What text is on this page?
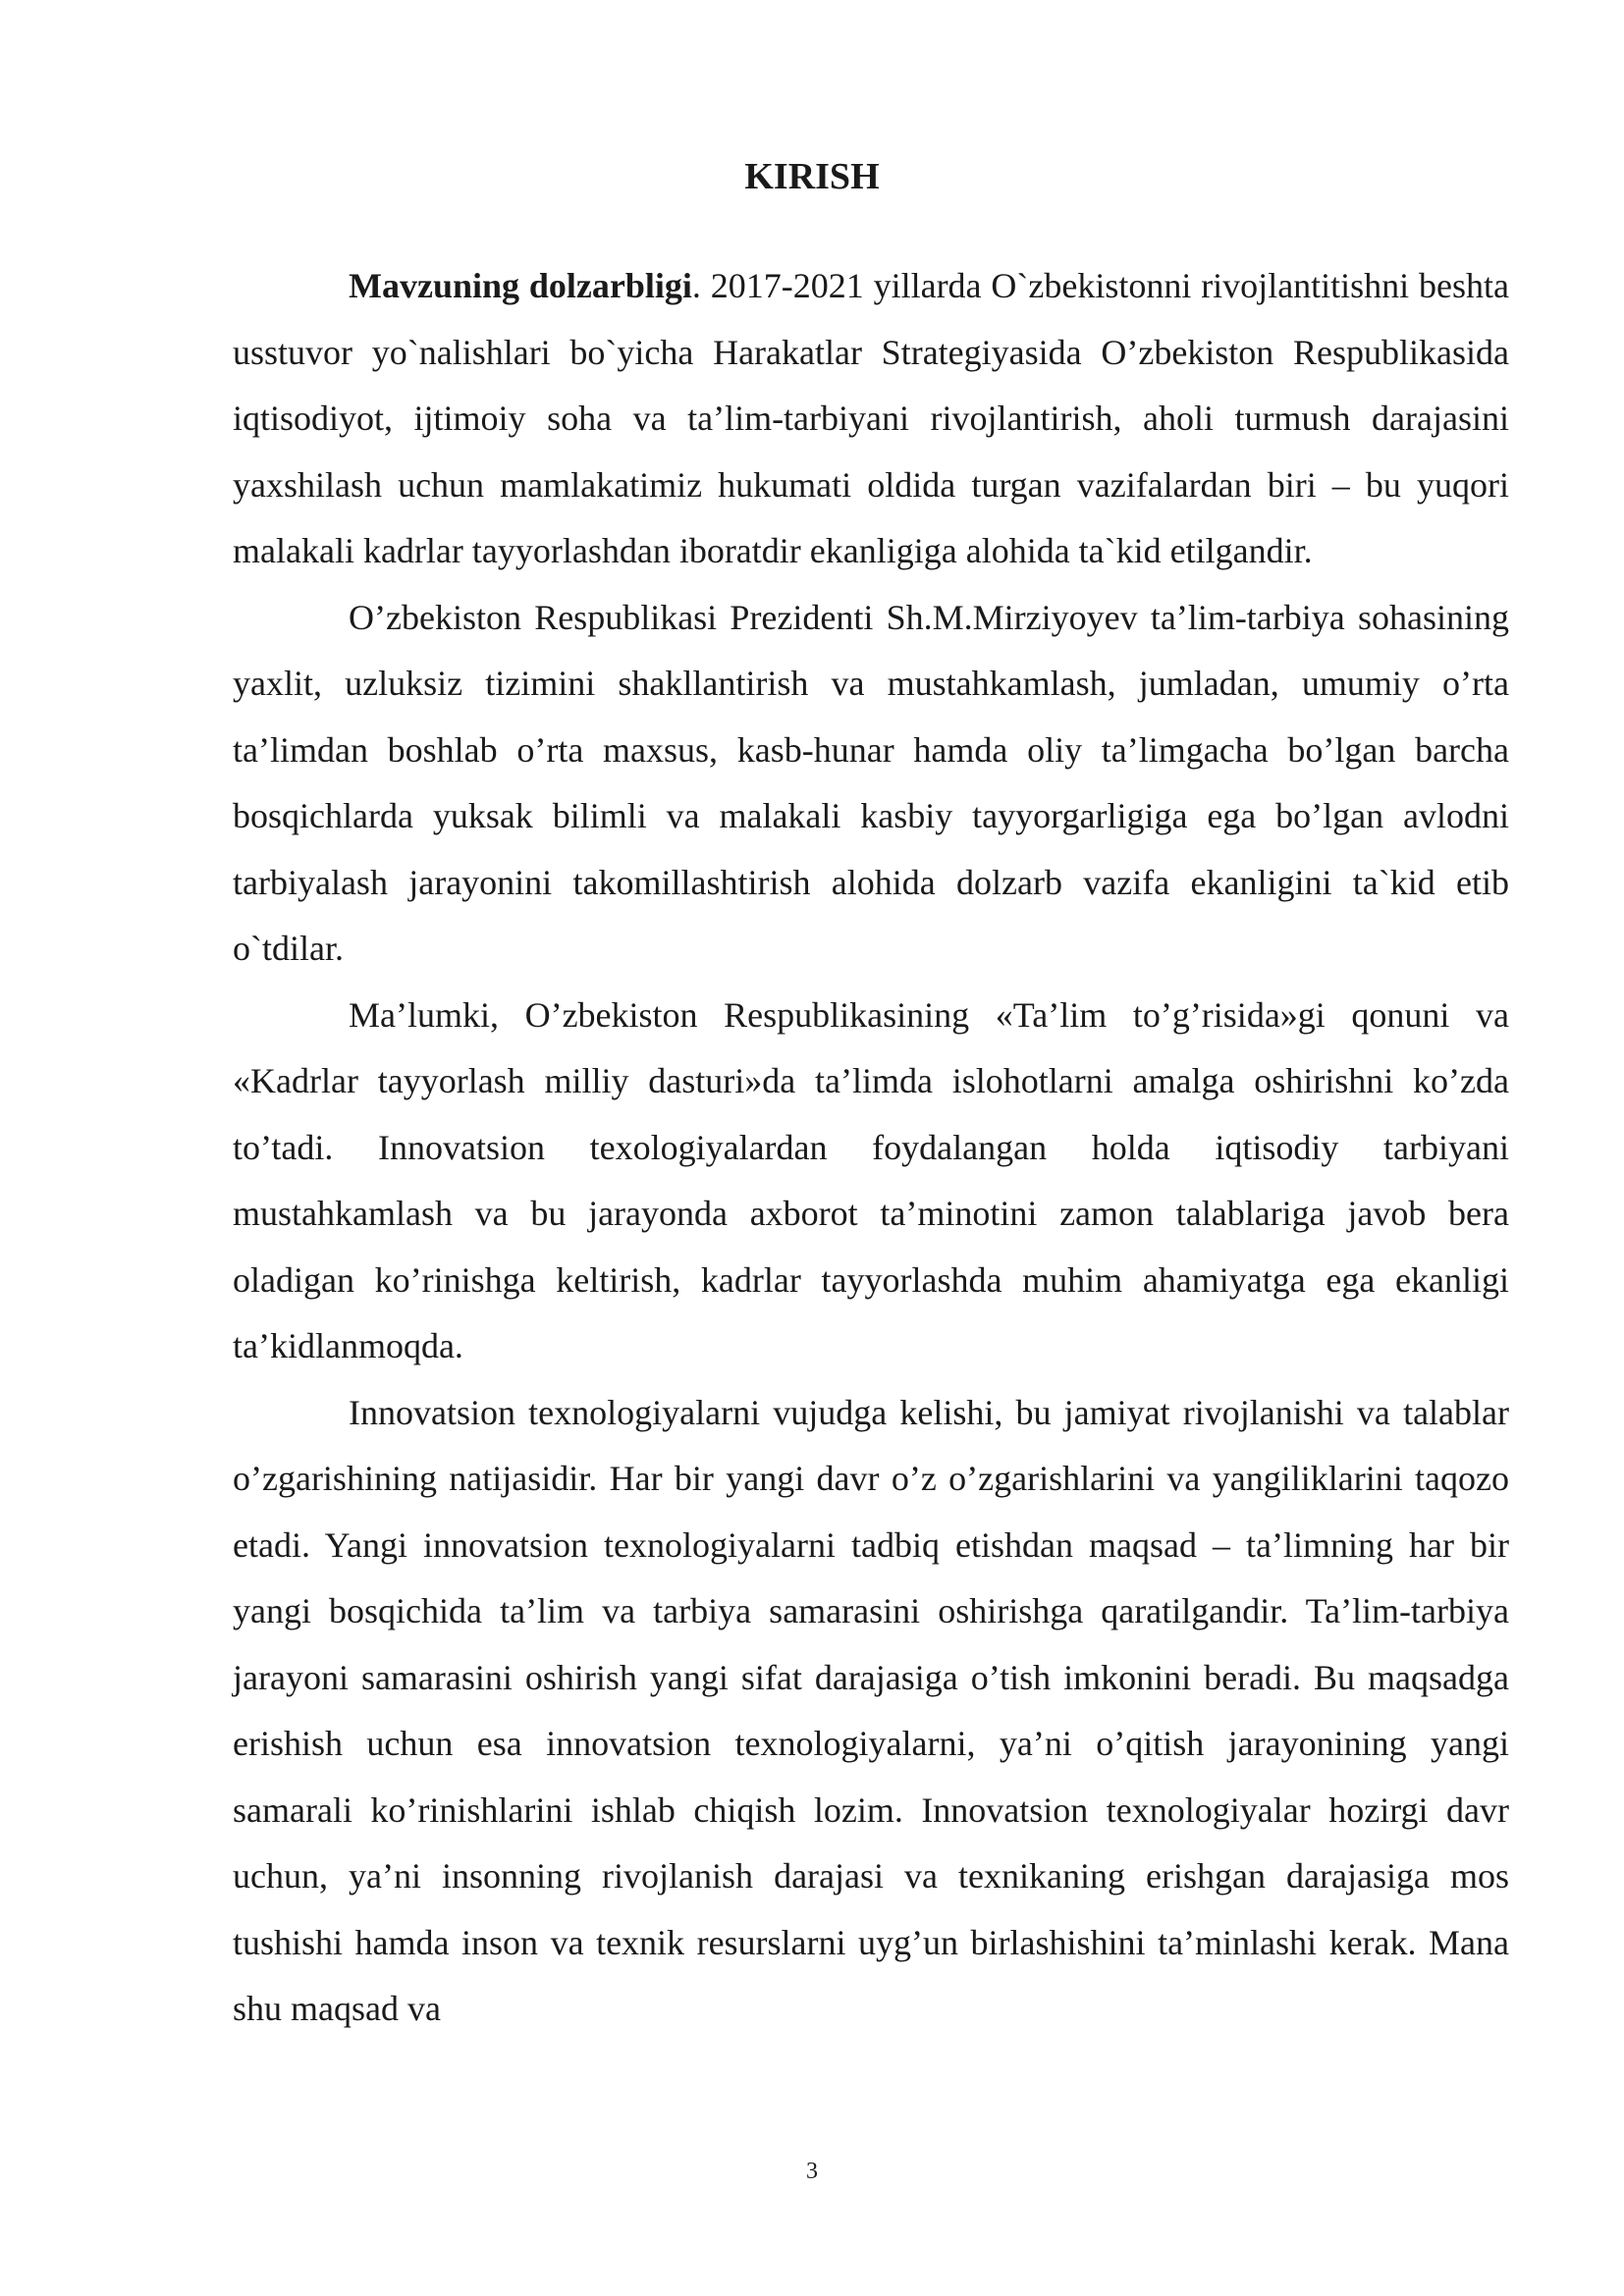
KIRISH

Mavzuning dolzarbligi. 2017-2021 yillarda O`zbekistonni rivojlantitishni beshta usstuvor yo`nalishlari bo`yicha Harakatlar Strategiyasida O’zbekiston Respublikasida iqtisodiyot, ijtimoiy soha va ta’lim-tarbiyani rivojlantirish, aholi turmush darajasini yaxshilash uchun mamlakatimiz hukumati oldida turgan vazifalardan biri – bu yuqori malakali kadrlar tayyorlashdan iboratdir ekanligiga alohida ta`kid etilgandir.

O’zbekiston Respublikasi Prezidenti Sh.M.Mirziyoyev ta’lim-tarbiya sohasining yaxlit, uzluksiz tizimini shakllantirish va mustahkamlash, jumladan, umumiy o’rta ta’limdan boshlab o’rta maxsus, kasb-hunar hamda oliy ta’limgacha bo’lgan barcha bosqichlarda yuksak bilimli va malakali kasbiy tayyorgarligiga ega bo’lgan avlodni tarbiyalash jarayonini takomillashtirish alohida dolzarb vazifa ekanligini ta`kid etib o`tdilar.

Ma’lumki, O’zbekiston Respublikasining «Ta’lim to’g’risida»gi qonuni va «Kadrlar tayyorlash milliy dasturi»da ta’limda islohotlarni amalga oshirishni ko’zda to’tadi. Innovatsion texologiyalardan foydalangan holda iqtisodiy tarbiyani mustahkamlash va bu jarayonda axborot ta’minotini zamon talablariga javob bera oladigan ko’rinishga keltirish, kadrlar tayyorlashda muhim ahamiyatga ega ekanligi ta’kidlanmoqda.

Innovatsion texnologiyalarni vujudga kelishi, bu jamiyat rivojlanishi va talablar o’zgarishining natijasidir. Har bir yangi davr o’z o’zgarishlarini va yangiliklarini taqozo etadi. Yangi innovatsion texnologiyalarni tadbiq etishdan maqsad – ta’limning har bir yangi bosqichida ta’lim va tarbiya samarasini oshirishga qaratilgandir. Ta’lim-tarbiya jarayoni samarasini oshirish yangi sifat darajasiga o’tish imkonini beradi. Bu maqsadga erishish uchun esa innovatsion texnologiyalarni, ya’ni o’qitish jarayonining yangi samarali ko’rinishlarini ishlab chiqish lozim. Innovatsion texnologiyalar hozirgi davr uchun, ya’ni insonning rivojlanish darajasi va texnikaning erishgan darajasiga mos tushishi hamda inson va texnik resurslarni uyg’un birlashishini ta’minlashi kerak. Mana shu maqsad va

3
